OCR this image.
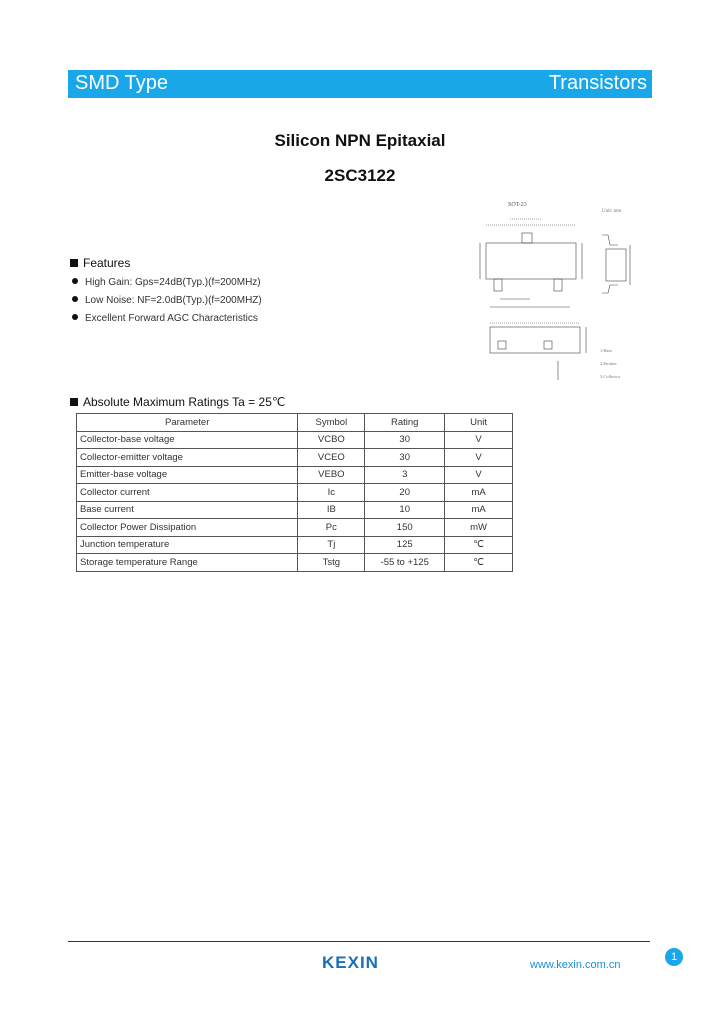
SMD Type	Transistors
Silicon NPN Epitaxial
2SC3122
SOT-23
Unit: mm
1.Base
2.Emitter
3.Collector
Features
High Gain: Gps=24dB(Typ.)(f=200MHz)
Low Noise: NF=2.0dB(Typ.)(f=200MHZ)
Excellent Forward AGC Characteristics
Absolute Maximum Ratings Ta = 25℃
Parameter	Symbol	Rating	Unit
Collector-base voltage	VCBO	30	V
Collector-emitter voltage	VCEO	30	V
Emitter-base voltage	VEBO	3	V
Collector current	Ic	20	mA
Base current	IB	10	mA
Collector Power Dissipation	Pc	150	mW
Junction temperature	Tj	125	℃
Storage temperature Range	Tstg	-55 to +125	℃
1
KEXIN	www.kexin.com.cn
